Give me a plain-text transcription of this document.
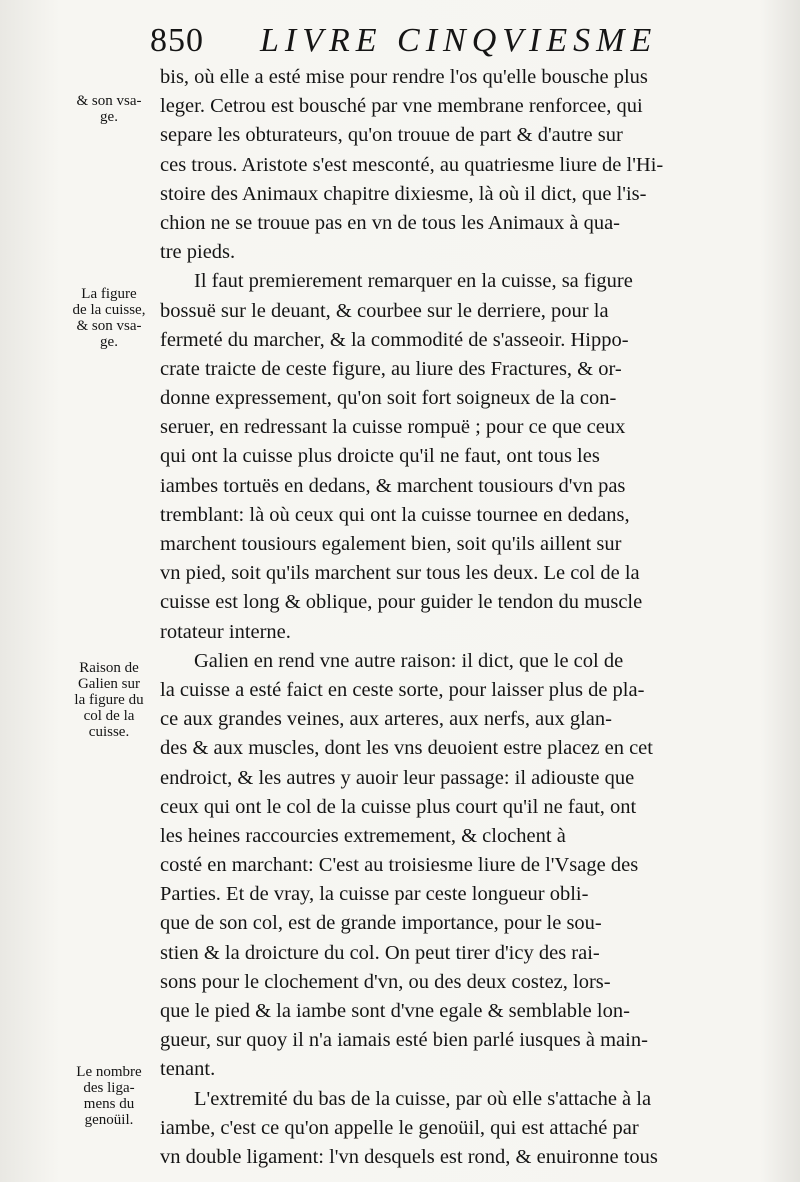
850 LIVRE CINQVIESME
& son vsa-
ge.
La figure
de la cuisse,
& son vsa-
ge.
Raison de
Galien sur
la figure du
col de la
cuisse.
Le nombre
des liga-
mens du
genoüil.
bis, où elle a esté mise pour rendre l'os qu'elle bousche plus
leger. Cetrou est bousché par vne membrane renforcee, qui
separe les obturateurs, qu'on trouue de part & d'autre sur
ces trous. Aristote s'est mesconté, au quatriesme liure de l'Hi-
stoire des Animaux chapitre dixiesme, là où il dict, que l'is-
chion ne se trouue pas en vn de tous les Animaux à qua-
tre pieds.
Il faut premierement remarquer en la cuisse, sa figure
bossuë sur le deuant, & courbee sur le derriere, pour la
fermeté du marcher, & la commodité de s'asseoir. Hippo-
crate traicte de ceste figure, au liure des Fractures, & or-
donne expressement, qu'on soit fort soigneux de la con-
seruer, en redressant la cuisse rompuë ; pour ce que ceux
qui ont la cuisse plus droicte qu'il ne faut, ont tous les
iambes tortuës en dedans, & marchent tousiours d'vn pas
tremblant: là où ceux qui ont la cuisse tournee en dedans,
marchent tousiours egalement bien, soit qu'ils aillent sur
vn pied, soit qu'ils marchent sur tous les deux. Le col de la
cuisse est long & oblique, pour guider le tendon du muscle
rotateur interne.
Galien en rend vne autre raison: il dict, que le col de
la cuisse a esté faict en ceste sorte, pour laisser plus de pla-
ce aux grandes veines, aux arteres, aux nerfs, aux glan-
des & aux muscles, dont les vns deuoient estre placez en cet
endroict, & les autres y auoir leur passage: il adiouste que
ceux qui ont le col de la cuisse plus court qu'il ne faut, ont
les heines raccourcies extremement, & clochent à
costé en marchant: C'est au troisiesme liure de l'Vsage des
Parties. Et de vray, la cuisse par ceste longueur obli-
que de son col, est de grande importance, pour le sou-
stien & la droicture du col. On peut tirer d'icy des rai-
sons pour le clochement d'vn, ou des deux costez, lors-
que le pied & la iambe sont d'vne egale & semblable lon-
gueur, sur quoy il n'a iamais esté bien parlé iusques à main-
tenant.
L'extremité du bas de la cuisse, par où elle s'attache à la
iambe, c'est ce qu'on appelle le genoüil, qui est attaché par
vn double ligament: l'vn desquels est rond, & enuironne tous
